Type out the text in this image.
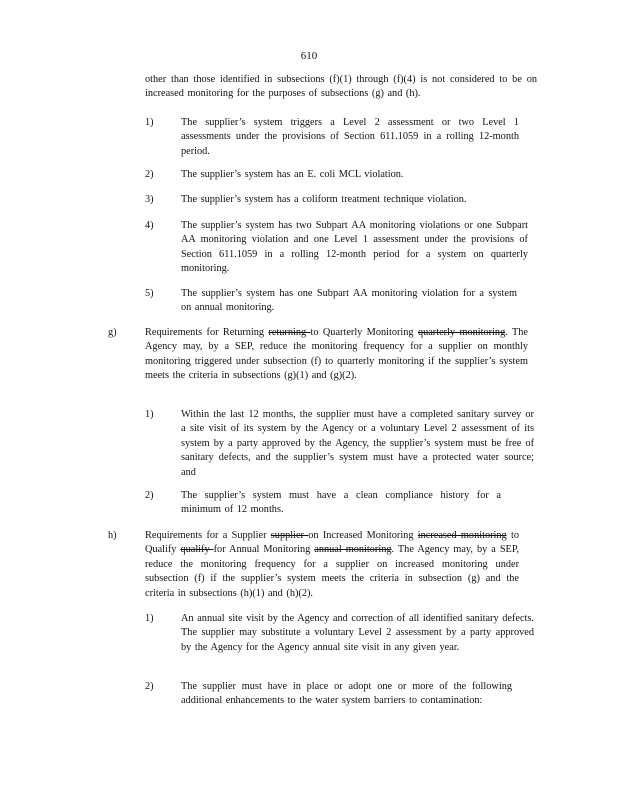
610

other than those identified in subsections (f)(1) through (f)(4) is not considered to be on increased monitoring for the purposes of subsections (g) and (h).

1)	The supplier’s system triggers a Level 2 assessment or two Level 1 assessments under the provisions of Section 611.1059 in a rolling 12-month period.
2)	The supplier’s system has an E. coli MCL violation.
3)	The supplier’s system has a coliform treatment technique violation.
4)	The supplier’s system has two Subpart AA monitoring violations or one Subpart AA monitoring violation and one Level 1 assessment under the provisions of Section 611.1059 in a rolling 12-month period for a system on quarterly monitoring.
5)	The supplier’s system has one Subpart AA monitoring violation for a system on annual monitoring.
g)	Requirements for Returning returning to Quarterly Monitoring quarterly monitoring. The Agency may, by a SEP, reduce the monitoring frequency for a supplier on monthly monitoring triggered under subsection (f) to quarterly monitoring if the supplier’s system meets the criteria in subsections (g)(1) and (g)(2).

1)	Within the last 12 months, the supplier must have a completed sanitary survey or a site visit of its system by the Agency or a voluntary Level 2 assessment of its system by a party approved by the Agency, the supplier’s system must be free of sanitary defects, and the supplier’s system must have a protected water source; and
2)	The supplier’s system must have a clean compliance history for a minimum of 12 months.
h)	Requirements for a Supplier supplier on Increased Monitoring increased monitoring to Qualify qualify for Annual Monitoring annual monitoring. The Agency may, by a SEP, reduce the monitoring frequency for a supplier on increased monitoring under subsection (f) if the supplier’s system meets the criteria in subsection (g) and the criteria in subsections (h)(1) and (h)(2).

1)	An annual site visit by the Agency and correction of all identified sanitary defects. The supplier may substitute a voluntary Level 2 assessment by a party approved by the Agency for the Agency annual site visit in any given year.
2)	The supplier must have in place or adopt one or more of the following additional enhancements to the water system barriers to contamination:
